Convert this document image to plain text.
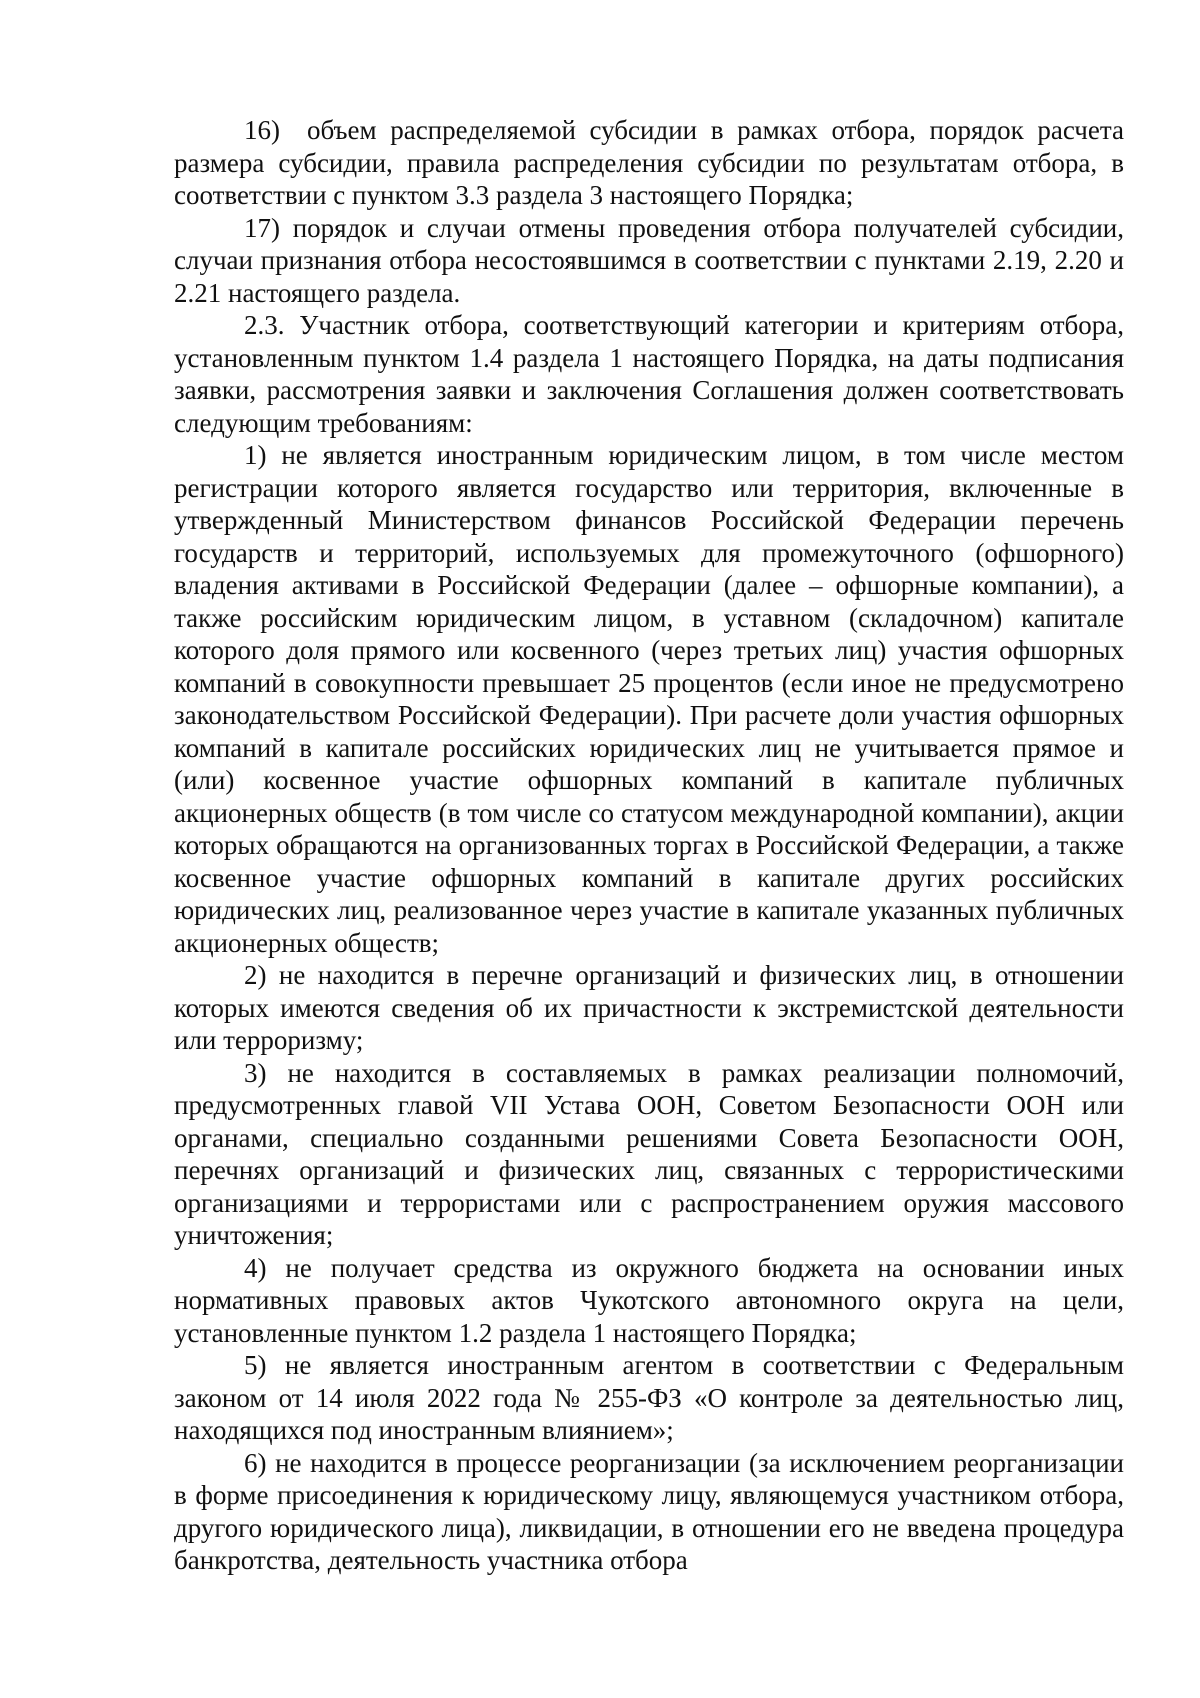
16) объем распределяемой субсидии в рамках отбора, порядок расчета размера субсидии, правила распределения субсидии по результатам отбора, в соответствии с пунктом 3.3 раздела 3 настоящего Порядка;

17) порядок и случаи отмены проведения отбора получателей субсидии, случаи признания отбора несостоявшимся в соответствии с пунктами 2.19, 2.20 и 2.21 настоящего раздела.

2.3. Участник отбора, соответствующий категории и критериям отбора, установленным пунктом 1.4 раздела 1 настоящего Порядка, на даты подписания заявки, рассмотрения заявки и заключения Соглашения должен соответствовать следующим требованиям:

1) не является иностранным юридическим лицом, в том числе местом регистрации которого является государство или территория, включенные в утвержденный Министерством финансов Российской Федерации перечень государств и территорий, используемых для промежуточного (офшорного) владения активами в Российской Федерации (далее – офшорные компании), а также российским юридическим лицом, в уставном (складочном) капитале которого доля прямого или косвенного (через третьих лиц) участия офшорных компаний в совокупности превышает 25 процентов (если иное не предусмотрено законодательством Российской Федерации). При расчете доли участия офшорных компаний в капитале российских юридических лиц не учитывается прямое и (или) косвенное участие офшорных компаний в капитале публичных акционерных обществ (в том числе со статусом международной компании), акции которых обращаются на организованных торгах в Российской Федерации, а также косвенное участие офшорных компаний в капитале других российских юридических лиц, реализованное через участие в капитале указанных публичных акционерных обществ;

2) не находится в перечне организаций и физических лиц, в отношении которых имеются сведения об их причастности к экстремистской деятельности или терроризму;

3) не находится в составляемых в рамках реализации полномочий, предусмотренных главой VII Устава ООН, Советом Безопасности ООН или органами, специально созданными решениями Совета Безопасности ООН, перечнях организаций и физических лиц, связанных с террористическими организациями и террористами или с распространением оружия массового уничтожения;

4) не получает средства из окружного бюджета на основании иных нормативных правовых актов Чукотского автономного округа на цели, установленные пунктом 1.2 раздела 1 настоящего Порядка;

5) не является иностранным агентом в соответствии с Федеральным законом от 14 июля 2022 года № 255-ФЗ «О контроле за деятельностью лиц, находящихся под иностранным влиянием»;

6) не находится в процессе реорганизации (за исключением реорганизации в форме присоединения к юридическому лицу, являющемуся участником отбора, другого юридического лица), ликвидации, в отношении его не введена процедура банкротства, деятельность участника отбора
